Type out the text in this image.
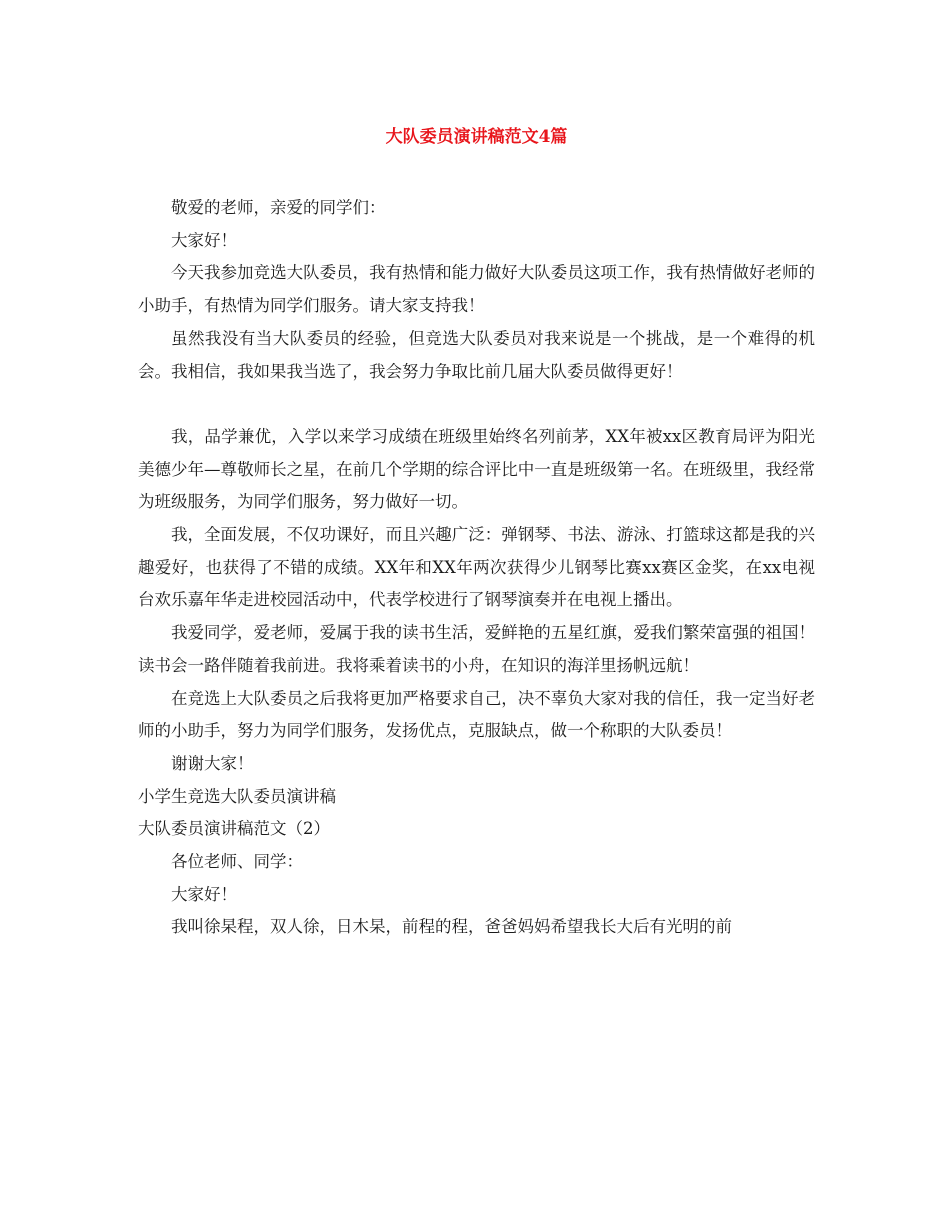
大队委员演讲稿范文4篇

敬爱的老师，亲爱的同学们：

大家好！

今天我参加竞选大队委员，我有热情和能力做好大队委员这项工作，我有热情做好老师的小助手，有热情为同学们服务。请大家支持我！

虽然我没有当大队委员的经验，但竞选大队委员对我来说是一个挑战，是一个难得的机会。我相信，我如果我当选了，我会努力争取比前几届大队委员做得更好！

我，品学兼优，入学以来学习成绩在班级里始终名列前茅，XX年被xx区教育局评为阳光美德少年—尊敬师长之星，在前几个学期的综合评比中一直是班级第一名。在班级里，我经常为班级服务，为同学们服务，努力做好一切。

我，全面发展，不仅功课好，而且兴趣广泛：弹钢琴、书法、游泳、打篮球这都是我的兴趣爱好，也获得了不错的成绩。XX年和XX年两次获得少儿钢琴比赛xx赛区金奖，在xx电视台欢乐嘉年华走进校园活动中，代表学校进行了钢琴演奏并在电视上播出。

我爱同学，爱老师，爱属于我的读书生活，爱鲜艳的五星红旗，爱我们繁荣富强的祖国！读书会一路伴随着我前进。我将乘着读书的小舟，在知识的海洋里扬帆远航！

在竞选上大队委员之后我将更加严格要求自己，决不辜负大家对我的信任，我一定当好老师的小助手，努力为同学们服务，发扬优点，克服缺点，做一个称职的大队委员！

谢谢大家！

小学生竞选大队委员演讲稿

大队委员演讲稿范文（2）

各位老师、同学：

大家好！

我叫徐杲程，双人徐，日木杲，前程的程，爸爸妈妈希望我长大后有光明的前
